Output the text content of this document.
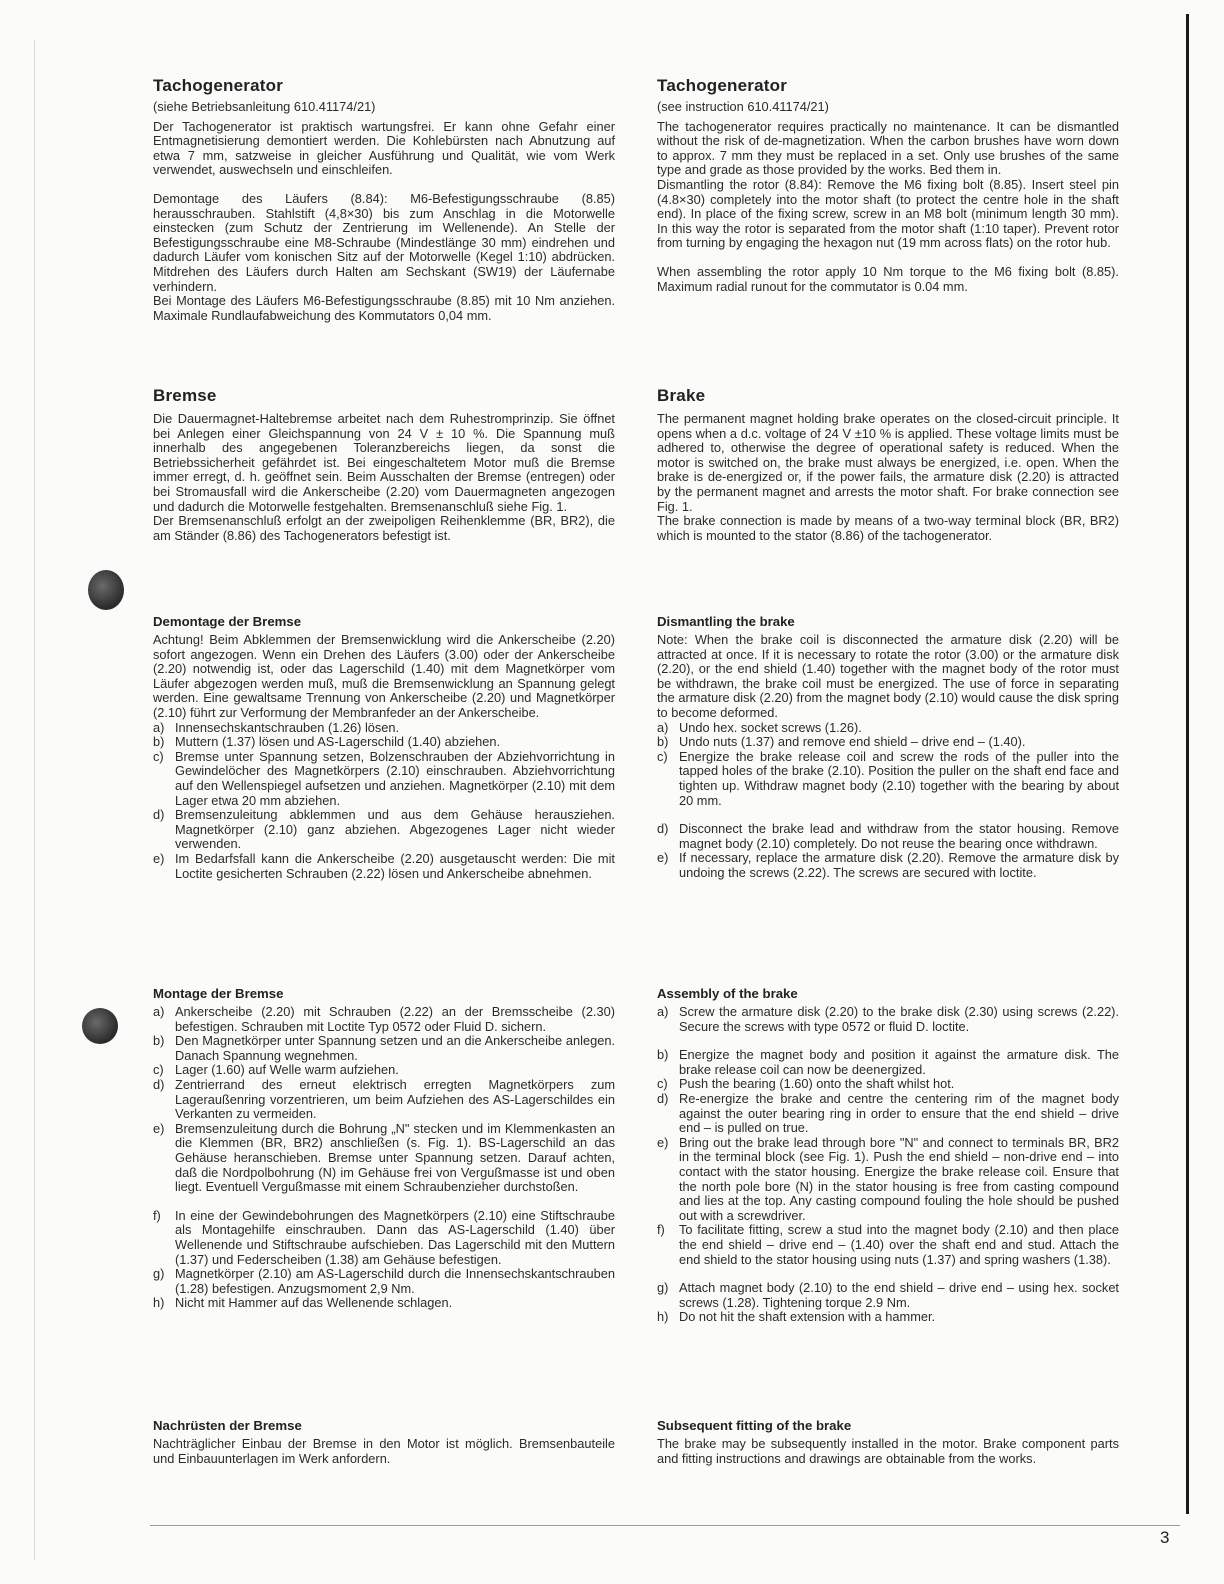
Tachogenerator
(siehe Betriebsanleitung 610.41174/21)

Der Tachogenerator ist praktisch wartungsfrei. Er kann ohne Gefahr einer Entmagnetisierung demontiert werden. Die Kohlebürsten nach Abnutzung auf etwa 7 mm, satzweise in gleicher Ausführung und Qualität, wie vom Werk verwendet, auswechseln und einschleifen.

Demontage des Läufers (8.84): M6-Befestigungsschraube (8.85) herausschrauben. Stahlstift (4,8×30) bis zum Anschlag in die Motorwelle einstecken (zum Schutz der Zentrierung im Wellenende). An Stelle der Befestigungsschraube eine M8-Schraube (Mindestlänge 30 mm) eindrehen und dadurch Läufer vom konischen Sitz auf der Motorwelle (Kegel 1:10) abdrücken. Mitdrehen des Läufers durch Halten am Sechskant (SW19) der Läufernabe verhindern.

Bei Montage des Läufers M6-Befestigungsschraube (8.85) mit 10 Nm anziehen. Maximale Rundlaufabweichung des Kommutators 0,04 mm.

Bremse

Die Dauermagnet-Haltebremse arbeitet nach dem Ruhestromprinzip. Sie öffnet bei Anlegen einer Gleichspannung von 24 V ± 10 %. Die Spannung muß innerhalb des angegebenen Toleranzbereichs liegen, da sonst die Betriebssicherheit gefährdet ist. Bei eingeschaltetem Motor muß die Bremse immer erregt, d. h. geöffnet sein. Beim Ausschalten der Bremse (entregen) oder bei Stromausfall wird die Ankerscheibe (2.20) vom Dauermagneten angezogen und dadurch die Motorwelle festgehalten. Bremsenanschluß siehe Fig. 1.

Der Bremsenanschluß erfolgt an der zweipoligen Reihenklemme (BR, BR2), die am Ständer (8.86) des Tachogenerators befestigt ist.

Demontage der Bremse

Achtung! Beim Abklemmen der Bremsenwicklung wird die Ankerscheibe (2.20) sofort angezogen. Wenn ein Drehen des Läufers (3.00) oder der Ankerscheibe (2.20) notwendig ist, oder das Lagerschild (1.40) mit dem Magnetkörper vom Läufer abgezogen werden muß, muß die Bremsenwicklung an Spannung gelegt werden. Eine gewaltsame Trennung von Ankerscheibe (2.20) und Magnetkörper (2.10) führt zur Verformung der Membranfeder an der Ankerscheibe.

a) Innensechskantschrauben (1.26) lösen.
b) Muttern (1.37) lösen und AS-Lagerschild (1.40) abziehen.
c) Bremse unter Spannung setzen, Bolzenschrauben der Abziehvorrichtung in Gewindelöcher des Magnetkörpers (2.10) einschrauben. Abziehvorrichtung auf den Wellenspiegel aufsetzen und anziehen. Magnetkörper (2.10) mit dem Lager etwa 20 mm abziehen.
d) Bremsenzuleitung abklemmen und aus dem Gehäuse herausziehen. Magnetkörper (2.10) ganz abziehen. Abgezogenes Lager nicht wieder verwenden.
e) Im Bedarfsfall kann die Ankerscheibe (2.20) ausgetauscht werden: Die mit Loctite gesicherten Schrauben (2.22) lösen und Ankerscheibe abnehmen.
Montage der Bremse
a) Ankerscheibe (2.20) mit Schrauben (2.22) an der Bremsscheibe (2.30) befestigen. Schrauben mit Loctite Typ 0572 oder Fluid D. sichern.
b) Den Magnetkörper unter Spannung setzen und an die Ankerscheibe anlegen. Danach Spannung wegnehmen.
c) Lager (1.60) auf Welle warm aufziehen.
d) Zentrierrand des erneut elektrisch erregten Magnetkörpers zum Lageraußenring vorzentrieren, um beim Aufziehen des AS-Lagerschildes ein Verkanten zu vermeiden.
e) Bremsenzuleitung durch die Bohrung „N" stecken und im Klemmenkasten an die Klemmen (BR, BR2) anschließen (s. Fig. 1). BS-Lagerschild an das Gehäuse heranschieben. Bremse unter Spannung setzen. Darauf achten, daß die Nordpolbohrung (N) im Gehäuse frei von Vergußmasse ist und oben liegt. Eventuell Vergußmasse mit einem Schraubenzieher durchstoßen.
f) In eine der Gewindebohrungen des Magnetkörpers (2.10) eine Stiftschraube als Montagehilfe einschrauben. Dann das AS-Lagerschild (1.40) über Wellenende und Stiftschraube aufschieben. Das Lagerschild mit den Muttern (1.37) und Federscheiben (1.38) am Gehäuse befestigen.
g) Magnetkörper (2.10) am AS-Lagerschild durch die Innensechskantschrauben (1.28) befestigen. Anzugsmoment 2,9 Nm.
h) Nicht mit Hammer auf das Wellenende schlagen.
Nachrüsten der Bremse

Nachträglicher Einbau der Bremse in den Motor ist möglich. Bremsenbauteile und Einbauunterlagen im Werk anfordern.

Tachogenerator
(see instruction 610.41174/21)

The tachogenerator requires practically no maintenance. It can be dismantled without the risk of de-magnetization. When the carbon brushes have worn down to approx. 7 mm they must be replaced in a set. Only use brushes of the same type and grade as those provided by the works. Bed them in.

Dismantling the rotor (8.84): Remove the M6 fixing bolt (8.85). Insert steel pin (4.8×30) completely into the motor shaft (to protect the centre hole in the shaft end). In place of the fixing screw, screw in an M8 bolt (minimum length 30 mm). In this way the rotor is separated from the motor shaft (1:10 taper). Prevent rotor from turning by engaging the hexagon nut (19 mm across flats) on the rotor hub.

When assembling the rotor apply 10 Nm torque to the M6 fixing bolt (8.85). Maximum radial runout for the commutator is 0.04 mm.

Brake

The permanent magnet holding brake operates on the closed-circuit principle. It opens when a d.c. voltage of 24 V ±10 % is applied. These voltage limits must be adhered to, otherwise the degree of operational safety is reduced. When the motor is switched on, the brake must always be energized, i.e. open. When the brake is de-energized or, if the power fails, the armature disk (2.20) is attracted by the permanent magnet and arrests the motor shaft. For brake connection see Fig. 1.

The brake connection is made by means of a two-way terminal block (BR, BR2) which is mounted to the stator (8.86) of the tachogenerator.

Dismantling the brake

Note: When the brake coil is disconnected the armature disk (2.20) will be attracted at once. If it is necessary to rotate the rotor (3.00) or the armature disk (2.20), or the end shield (1.40) together with the magnet body of the rotor must be withdrawn, the brake coil must be energized. The use of force in separating the armature disk (2.20) from the magnet body (2.10) would cause the disk spring to become deformed.

a) Undo hex. socket screws (1.26).
b) Undo nuts (1.37) and remove end shield – drive end – (1.40).
c) Energize the brake release coil and screw the rods of the puller into the tapped holes of the brake (2.10). Position the puller on the shaft end face and tighten up. Withdraw magnet body (2.10) together with the bearing by about 20 mm.
d) Disconnect the brake lead and withdraw from the stator housing. Remove magnet body (2.10) completely. Do not reuse the bearing once withdrawn.
e) If necessary, replace the armature disk (2.20). Remove the armature disk by undoing the screws (2.22). The screws are secured with loctite.
Assembly of the brake
a) Screw the armature disk (2.20) to the brake disk (2.30) using screws (2.22). Secure the screws with type 0572 or fluid D. loctite.
b) Energize the magnet body and position it against the armature disk. The brake release coil can now be deenergized.
c) Push the bearing (1.60) onto the shaft whilst hot.
d) Re-energize the brake and centre the centering rim of the magnet body against the outer bearing ring in order to ensure that the end shield – drive end – is pulled on true.
e) Bring out the brake lead through bore "N" and connect to terminals BR, BR2 in the terminal block (see Fig. 1). Push the end shield – non-drive end – into contact with the stator housing. Energize the brake release coil. Ensure that the north pole bore (N) in the stator housing is free from casting compound and lies at the top. Any casting compound fouling the hole should be pushed out with a screwdriver.
f) To facilitate fitting, screw a stud into the magnet body (2.10) and then place the end shield – drive end – (1.40) over the shaft end and stud. Attach the end shield to the stator housing using nuts (1.37) and spring washers (1.38).
g) Attach magnet body (2.10) to the end shield – drive end – using hex. socket screws (1.28). Tightening torque 2.9 Nm.
h) Do not hit the shaft extension with a hammer.
Subsequent fitting of the brake

The brake may be subsequently installed in the motor. Brake component parts and fitting instructions and drawings are obtainable from the works.

3
